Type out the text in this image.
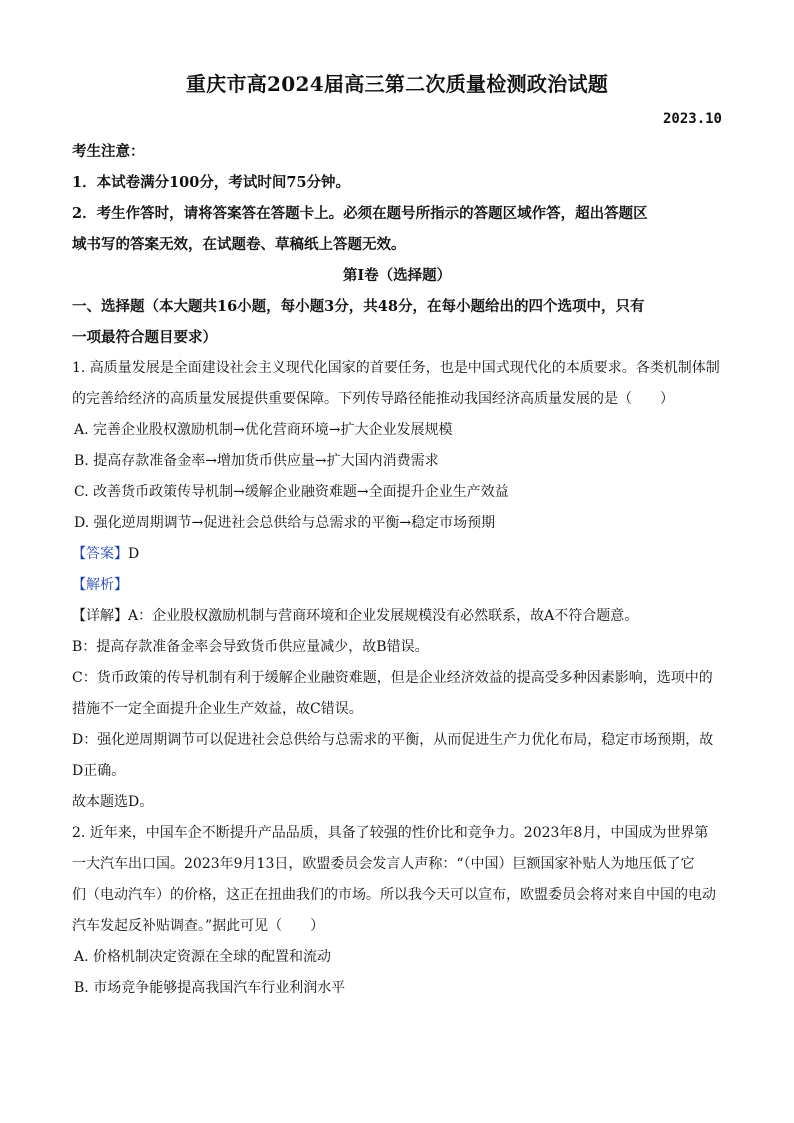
重庆市高2024届高三第二次质量检测政治试题
2023.10

考生注意：

1．本试卷满分100分，考试时间75分钟。

2．考生作答时，请将答案答在答题卡上。必须在题号所指示的答题区域作答，超出答题区

域书写的答案无效，在试题卷、草稿纸上答题无效。

第Ⅰ卷（选择题）

一、选择题（本大题共16小题，每小题3分，共48分，在每小题给出的四个选项中，只有

一项最符合题目要求）

1. 高质量发展是全面建设社会主义现代化国家的首要任务，也是中国式现代化的本质要求。各类机制体制

的完善给经济的高质量发展提供重要保障。下列传导路径能推动我国经济高质量发展的是（　　）

A. 完善企业股权激励机制→优化营商环境→扩大企业发展规模

B. 提高存款准备金率→增加货币供应量→扩大国内消费需求

C. 改善货币政策传导机制→缓解企业融资难题→全面提升企业生产效益

D. 强化逆周期调节→促进社会总供给与总需求的平衡→稳定市场预期

【答案】D

【解析】

【详解】A：企业股权激励机制与营商环境和企业发展规模没有必然联系，故A不符合题意。

B：提高存款准备金率会导致货币供应量减少，故B错误。

C：货币政策的传导机制有利于缓解企业融资难题，但是企业经济效益的提高受多种因素影响，选项中的

措施不一定全面提升企业生产效益，故C错误。

D：强化逆周期调节可以促进社会总供给与总需求的平衡，从而促进生产力优化布局，稳定市场预期，故

D正确。

故本题选D。

2. 近年来，中国车企不断提升产品品质，具备了较强的性价比和竞争力。2023年8月，中国成为世界第

一大汽车出口国。2023年9月13日，欧盟委员会发言人声称：“（中国）巨额国家补贴人为地压低了它

们（电动汽车）的价格，这正在扭曲我们的市场。所以我今天可以宣布，欧盟委员会将对来自中国的电动

汽车发起反补贴调查。”据此可见（　　）

A. 价格机制决定资源在全球的配置和流动

B. 市场竞争能够提高我国汽车行业利润水平
